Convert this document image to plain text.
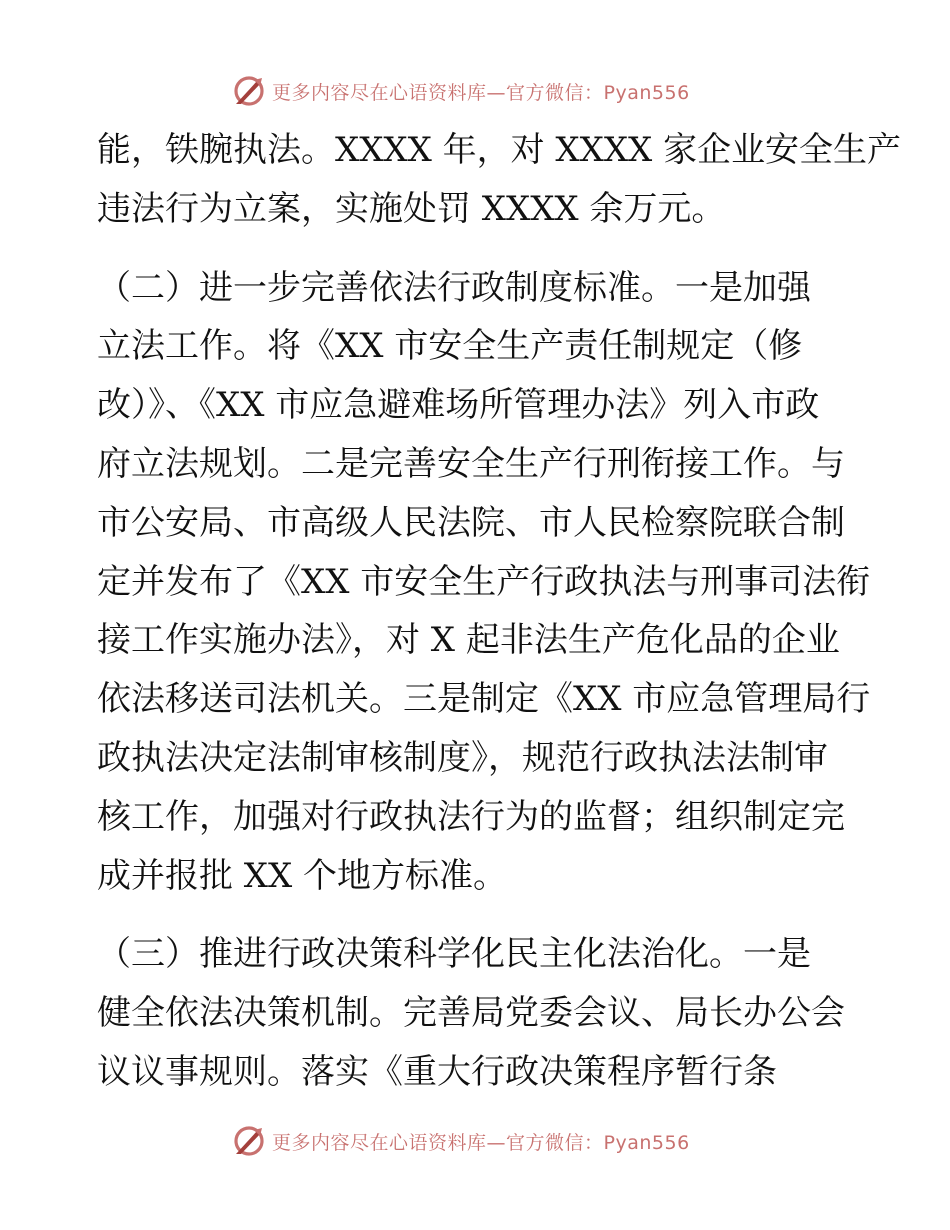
更多内容尽在心语资料库—官方微信：Pyan556
能，铁腕执法。XXXX 年，对 XXXX 家企业安全生产
违法行为立案，实施处罚 XXXX 余万元。
（二）进一步完善依法行政制度标准。一是加强
立法工作。将《XX 市安全生产责任制规定（修
改）》、《XX 市应急避难场所管理办法》列入市政
府立法规划。二是完善安全生产行刑衔接工作。与
市公安局、市高级人民法院、市人民检察院联合制
定并发布了《XX 市安全生产行政执法与刑事司法衔
接工作实施办法》，对 X 起非法生产危化品的企业
依法移送司法机关。三是制定《XX 市应急管理局行
政执法决定法制审核制度》，规范行政执法法制审
核工作，加强对行政执法行为的监督；组织制定完
成并报批 XX 个地方标准。
（三）推进行政决策科学化民主化法治化。一是
健全依法决策机制。完善局党委会议、局长办公会
议议事规则。落实《重大行政决策程序暂行条
更多内容尽在心语资料库—官方微信：Pyan556
